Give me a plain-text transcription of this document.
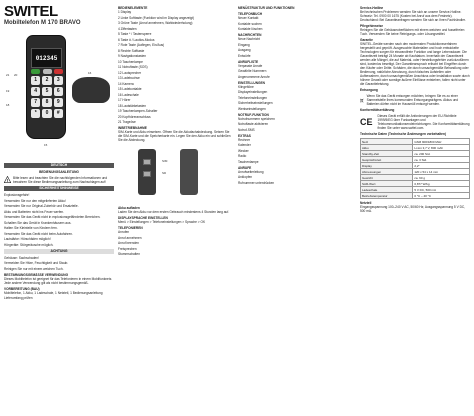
SWITEL
Mobiltelefon M 170 BRAVO
012345
1	2	3
4	5	6
7	8	9
*	0	#
21 20
19
18
16
15
DEUTSCH
BEDIENUNGSANLEITUNG
! Bitte lesen und beachten Sie die nachfolgenden Informationen und bewahren Sie diese Bedienungsanleitung zum Nachschlagen auf!
SICHERHEITSHINWEISE
Explosionsgefahr!
Verwenden Sie nur den mitgelieferten Akku!
Verwenden Sie nur Original-Zubehör und Ersatzteile.
Akku und Batterien nicht ins Feuer werfen.
Verwenden Sie das Gerät nicht in explosionsgefährdeten Bereichen.
Schalten Sie das Gerät in Krankenhäusern aus.
Halten Sie Kleinteile von Kindern fern.
Verwenden Sie das Gerät nicht beim Autofahren.
Lautstärke: Hörschäden möglich!
Hörgeräte: Störgeräusche möglich.
ACHTUNG
Gehäuse: Sachschaden!
Vermeiden Sie Hitze, Feuchtigkeit und Staub.
Reinigen Sie nur mit einem weichen Tuch.
BESTIMMUNGSGEMÄSSE VERWENDUNG
Dieses Mobiltelefon ist geeignet für das Telefonieren in einem Mobilfunknetz. Jede andere Verwendung gilt als nicht bestimmungsgemäß.
VORBEREITUNG (BAU)
Mobiltelefon, 1 Akku, 1 Ladeschale, 1 Netzteil, 1 Bedienungsanleitung
Lieferumfang prüfen
BEDIENELEMENTE
1 Display
2 Linke Softtaste (Funktion wird im Display angezeigt)
3 Grüne Taste (Anruf annehmen, Wahlwiederholung)
4 Ziffertasten
5 Taste * / Tastensperre
6 Taste # / Lautlos-Modus
7 Rote Taste (Auflegen, Ein/Aus)
8 Rechte Softtaste
9 Navigationstasten
10 Taschenlampe
11 Notruftaste (SOS)
12 Lautsprecher
13 Ladebuchse
14 Kamera
15 Ladekontakte
16 Ladeschale
17 Hörer
18 Lautstärketasten
19 Taschenlampen-Schalter
20 Kopfhöreranschluss
21 Trageöse
INBETRIEBNAHME
SIM-Karte und Akku einsetzen. Öffnen Sie die Akkufachabdeckung. Setzen Sie die SIM-Karte und die Speicherkarte ein. Legen Sie den Akku ein und schließen Sie die Abdeckung.
SIM
SD
Akku aufladen
Laden Sie den Akku vor dem ersten Gebrauch mindestens 4 Stunden lang auf.
DISPLAYSPRACHE EINSTELLEN
Menü > Einstellungen > Telefoneinstellungen > Sprache > OK
TELEFONIEREN
Anrufen
Anruf annehmen
Anruf beenden
Freisprechen
Stummschalten
MENÜSTRUKTUR UND FUNKTIONEN
TELEFONBUCH
Neuer Kontakt
Kontakte suchen
Kontakte löschen
NACHRICHTEN
Neue Nachricht
Eingang
Ausgang
Entwürfe
ANRUFLISTE
Verpasste Anrufe
Gewählte Nummern
Angenommene Anrufe
EINSTELLUNGEN
Klingeltöne
Displayeinstellungen
Telefoneinstellungen
Sicherheitseinstellungen
Werkseinstellungen
NOTRUF-FUNKTION
Notrufnummern speichern
Notruftaste aktivieren
Notruf-SMS
EXTRAS
Rechner
Kalender
Wecker
Radio
Taschenlampe
ANRUFE
Anrufweiterleitung
Anklopfen
Rufnummer unterdrücken
Service-Hotline
Bei technischen Problemen wenden Sie sich an unsere Service-Hotline. Schweiz: Tel. 0900 00 1675 (Kosten bei Anruf aus dem Festnetz). Deutschland: Bei Garantieanfragen wenden Sie sich an Ihren Fachhändler.
Pflegehinweise
Reinigen Sie die Gehäuseoberflächen mit einem weichen und fusselfreien Tuch. Verwenden Sie keine Reinigungs- oder Lösungsmittel.
Garantie
SWITEL-Geräte werden nach den modernsten Produktionsverfahren hergestellt und geprüft. Ausgesuchte Materialien und hoch entwickelte Technologien sorgen für einwandfreie Funktion und lange Lebensdauer. Die Garantiezeit beträgt 24 Monate ab Kaufdatum. Innerhalb der Garantiezeit werden alle Mängel, die auf Material- oder Herstellungsfehler zurückzuführen sind, kostenlos beseitigt. Der Garantieanspruch erlischt bei Eingriffen durch den Käufer oder Dritte. Schäden, die durch unsachgemäße Behandlung oder Bedienung, natürliche Abnutzung, durch falsches Aufstellen oder Aufbewahren, durch unsachgemäßen Anschluss oder Installation sowie durch höhere Gewalt oder sonstige äußere Einflüsse entstehen, fallen nicht unter die Garantieleistung.
Entsorgung
Wenn Sie das Gerät entsorgen möchten, bringen Sie es zu einer Sammelstelle Ihres kommunalen Entsorgungsträgers. Akkus und Batterien dürfen nicht im Hausmüll entsorgt werden.
Konformitätserklärung
CE
Dieses Gerät erfüllt die Anforderungen der EU-Richtlinie 1999/5/EG über Funkanlagen und Telekommunikationsendeinrichtungen. Die Konformitätserklärung finden Sie unter www.switel.com.
Technische Daten (Technische Änderungen vorbehalten)
Netz	GSM 900/1800 MHz
Akku	Li-Ion 3,7 V, 800 mAh
Standby-Zeit	ca. 200 Std.
Gesprächszeit	ca. 3 Std.
Display	2,2"
Abmessungen	120 x 54 x 14 mm
Gewicht	ca. 90 g
SAR-Wert	0,877 W/kg
Ladeschale	5 V DC, 500 mA
Betriebstemperatur	0 °C – 40 °C
Netzteil
Eingangsspannung 100–240 V AC, 50/60 Hz; Ausgangsspannung 5 V DC, 500 mA.
